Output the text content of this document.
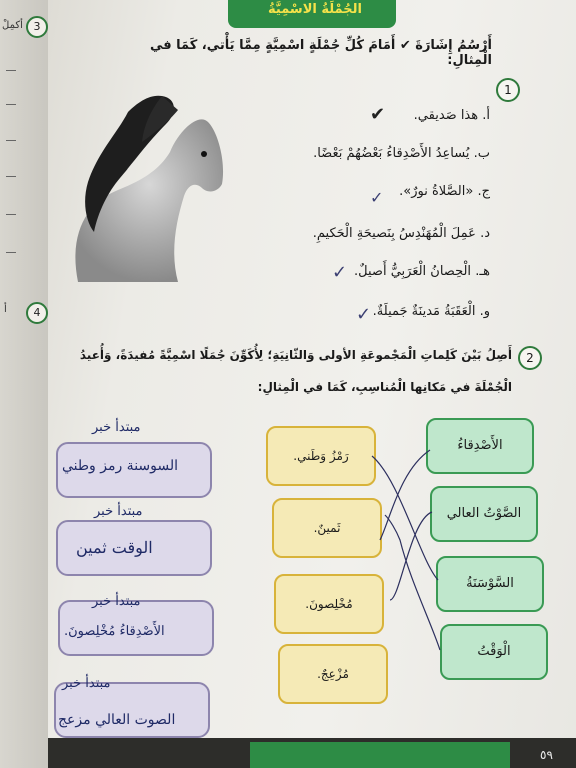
3
أكمِلْ
4
أ
الجُمْلَةُ الاسْمِيَّةُ
1
أَرْسُمُ إِشَارَةَ ✔ أَمَامَ كُلِّ جُمْلَةٍ اسْمِيَّةٍ مِمَّا يَأْتي، كَمَا في الْمِثالِ:
أ. هذا صَديقي.
✔
ب. يُساعِدُ الأَصْدِقاءُ بَعْضُهُمْ بَعْضًا.
ج. «الصَّلاةُ نورٌ».
✓
د. عَمِلَ الْمُهَنْدِسُ بِنَصيحَةِ الْحَكيمِ.
هـ. الْحِصانُ الْعَرَبِيُّ أَصيلٌ.
✓
و. الْعَقَبَةُ مَدينَةٌ جَميلَةٌ.
✓
2
أَصِلُ بَيْنَ كَلِماتِ الْمَجْموعَةِ الأولى وَالثّانِيَةِ؛ لِأُكَوِّنَ جُمَلًا اسْمِيَّةً مُفيدَةً، وَأُعيدُ
الْجُمْلَةَ في مَكانِها الْمُناسِبِ، كَمَا في الْمِثالِ:
الأَصْدِقاءُ
الصَّوْتُ العالي
السَّوْسَنَةُ
الْوَقْتُ
رَمْزُ وَطَني.
ثَمينٌ.
مُخْلِصونَ.
مُزْعِجٌ.
مبتدأ خبر
السوسنة رمز وطني
مبتدأ خبر
الوقت ثمين
مبتدأ خبر
الأَصْدِقاءُ مُخْلِصونَ.
مبتدأ خبر
الصوت العالي مزعج
٥٩
